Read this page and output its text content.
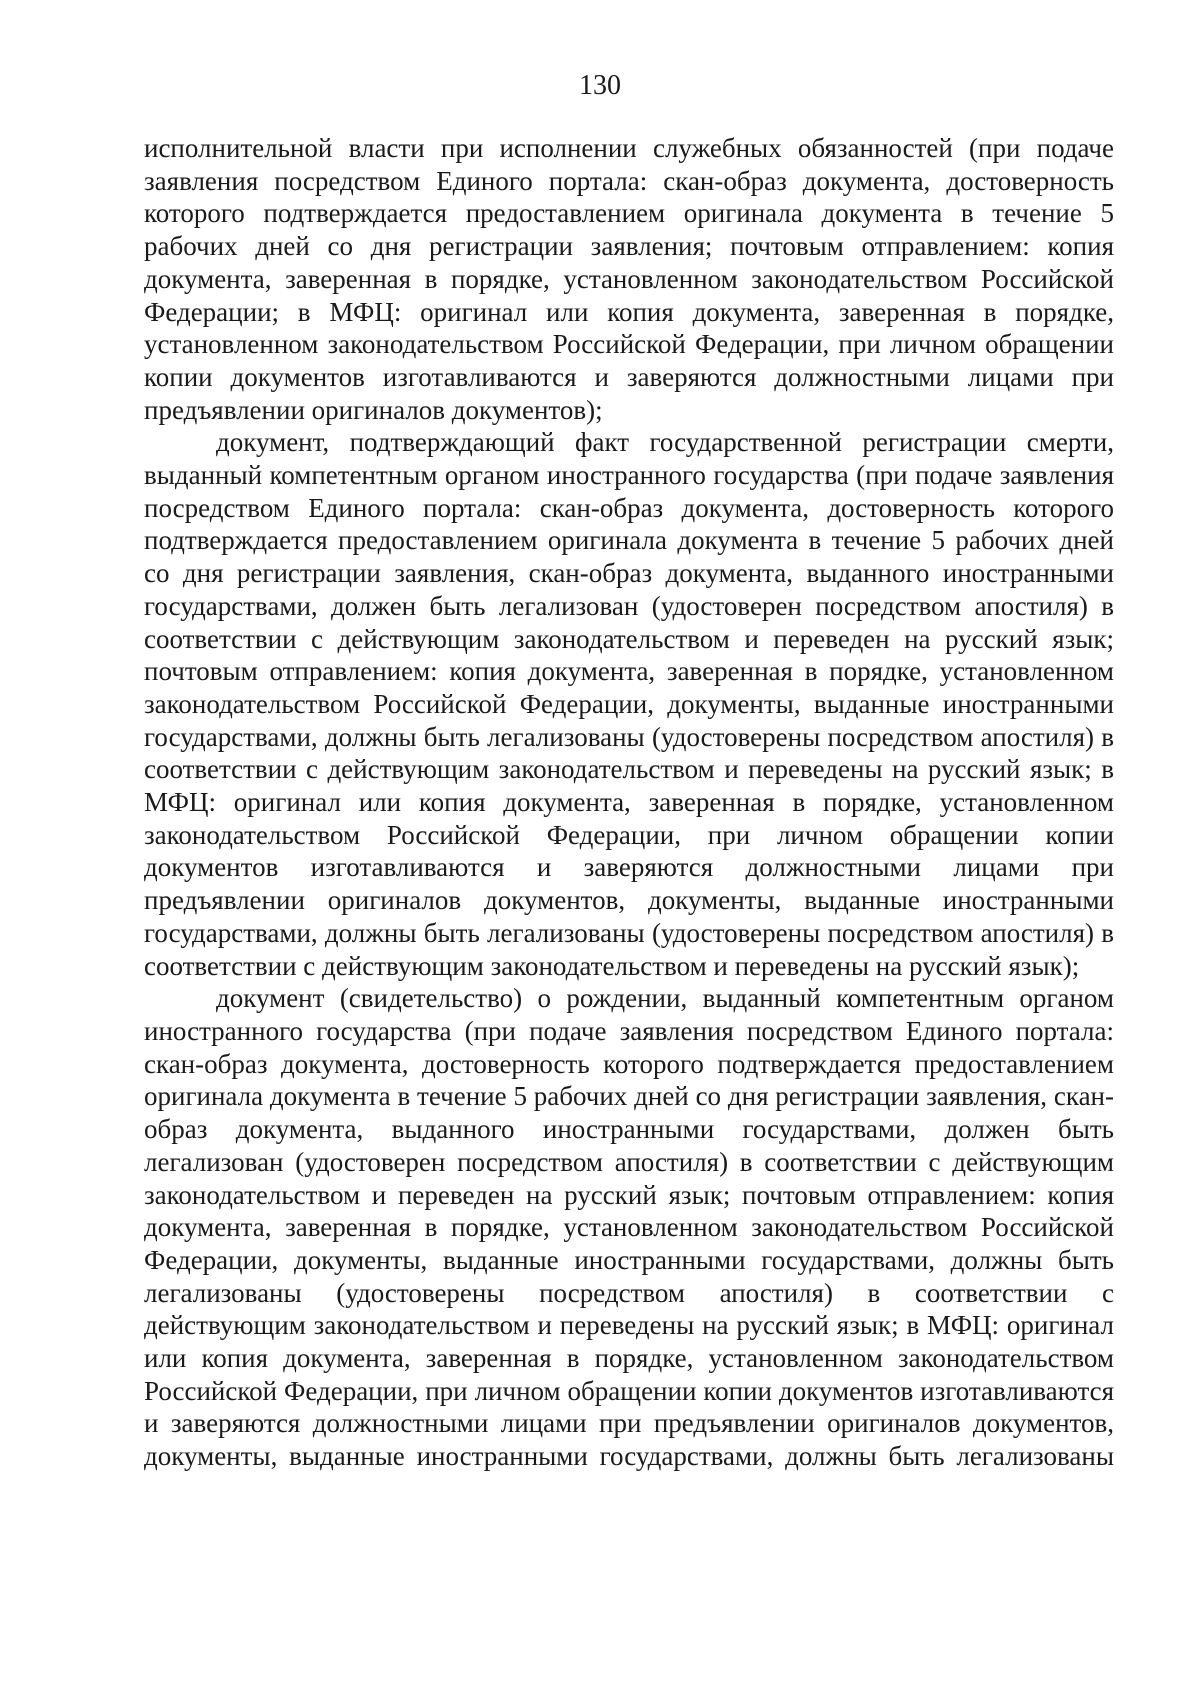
130

исполнительной власти при исполнении служебных обязанностей (при подаче заявления посредством Единого портала: скан-образ документа, достоверность которого подтверждается предоставлением оригинала документа в течение 5 рабочих дней со дня регистрации заявления; почтовым отправлением: копия документа, заверенная в порядке, установленном законодательством Российской Федерации; в МФЦ: оригинал или копия документа, заверенная в порядке, установленном законодательством Российской Федерации, при личном обращении копии документов изготавливаются и заверяются должностными лицами при предъявлении оригиналов документов);

документ, подтверждающий факт государственной регистрации смерти, выданный компетентным органом иностранного государства (при подаче заявления посредством Единого портала: скан-образ документа, достоверность которого подтверждается предоставлением оригинала документа в течение 5 рабочих дней со дня регистрации заявления, скан-образ документа, выданного иностранными государствами, должен быть легализован (удостоверен посредством апостиля) в соответствии с действующим законодательством и переведен на русский язык; почтовым отправлением: копия документа, заверенная в порядке, установленном законодательством Российской Федерации, документы, выданные иностранными государствами, должны быть легализованы (удостоверены посредством апостиля) в соответствии с действующим законодательством и переведены на русский язык; в МФЦ: оригинал или копия документа, заверенная в порядке, установленном законодательством Российской Федерации, при личном обращении копии документов изготавливаются и заверяются должностными лицами при предъявлении оригиналов документов, документы, выданные иностранными государствами, должны быть легализованы (удостоверены посредством апостиля) в соответствии с действующим законодательством и переведены на русский язык);

документ (свидетельство) о рождении, выданный компетентным органом иностранного государства (при подаче заявления посредством Единого портала: скан-образ документа, достоверность которого подтверждается предоставлением оригинала документа в течение 5 рабочих дней со дня регистрации заявления, скан-образ документа, выданного иностранными государствами, должен быть легализован (удостоверен посредством апостиля) в соответствии с действующим законодательством и переведен на русский язык; почтовым отправлением: копия документа, заверенная в порядке, установленном законодательством Российской Федерации, документы, выданные иностранными государствами, должны быть легализованы (удостоверены посредством апостиля) в соответствии с действующим законодательством и переведены на русский язык; в МФЦ: оригинал или копия документа, заверенная в порядке, установленном законодательством Российской Федерации, при личном обращении копии документов изготавливаются и заверяются должностными лицами при предъявлении оригиналов документов, документы, выданные иностранными государствами, должны быть легализованы
